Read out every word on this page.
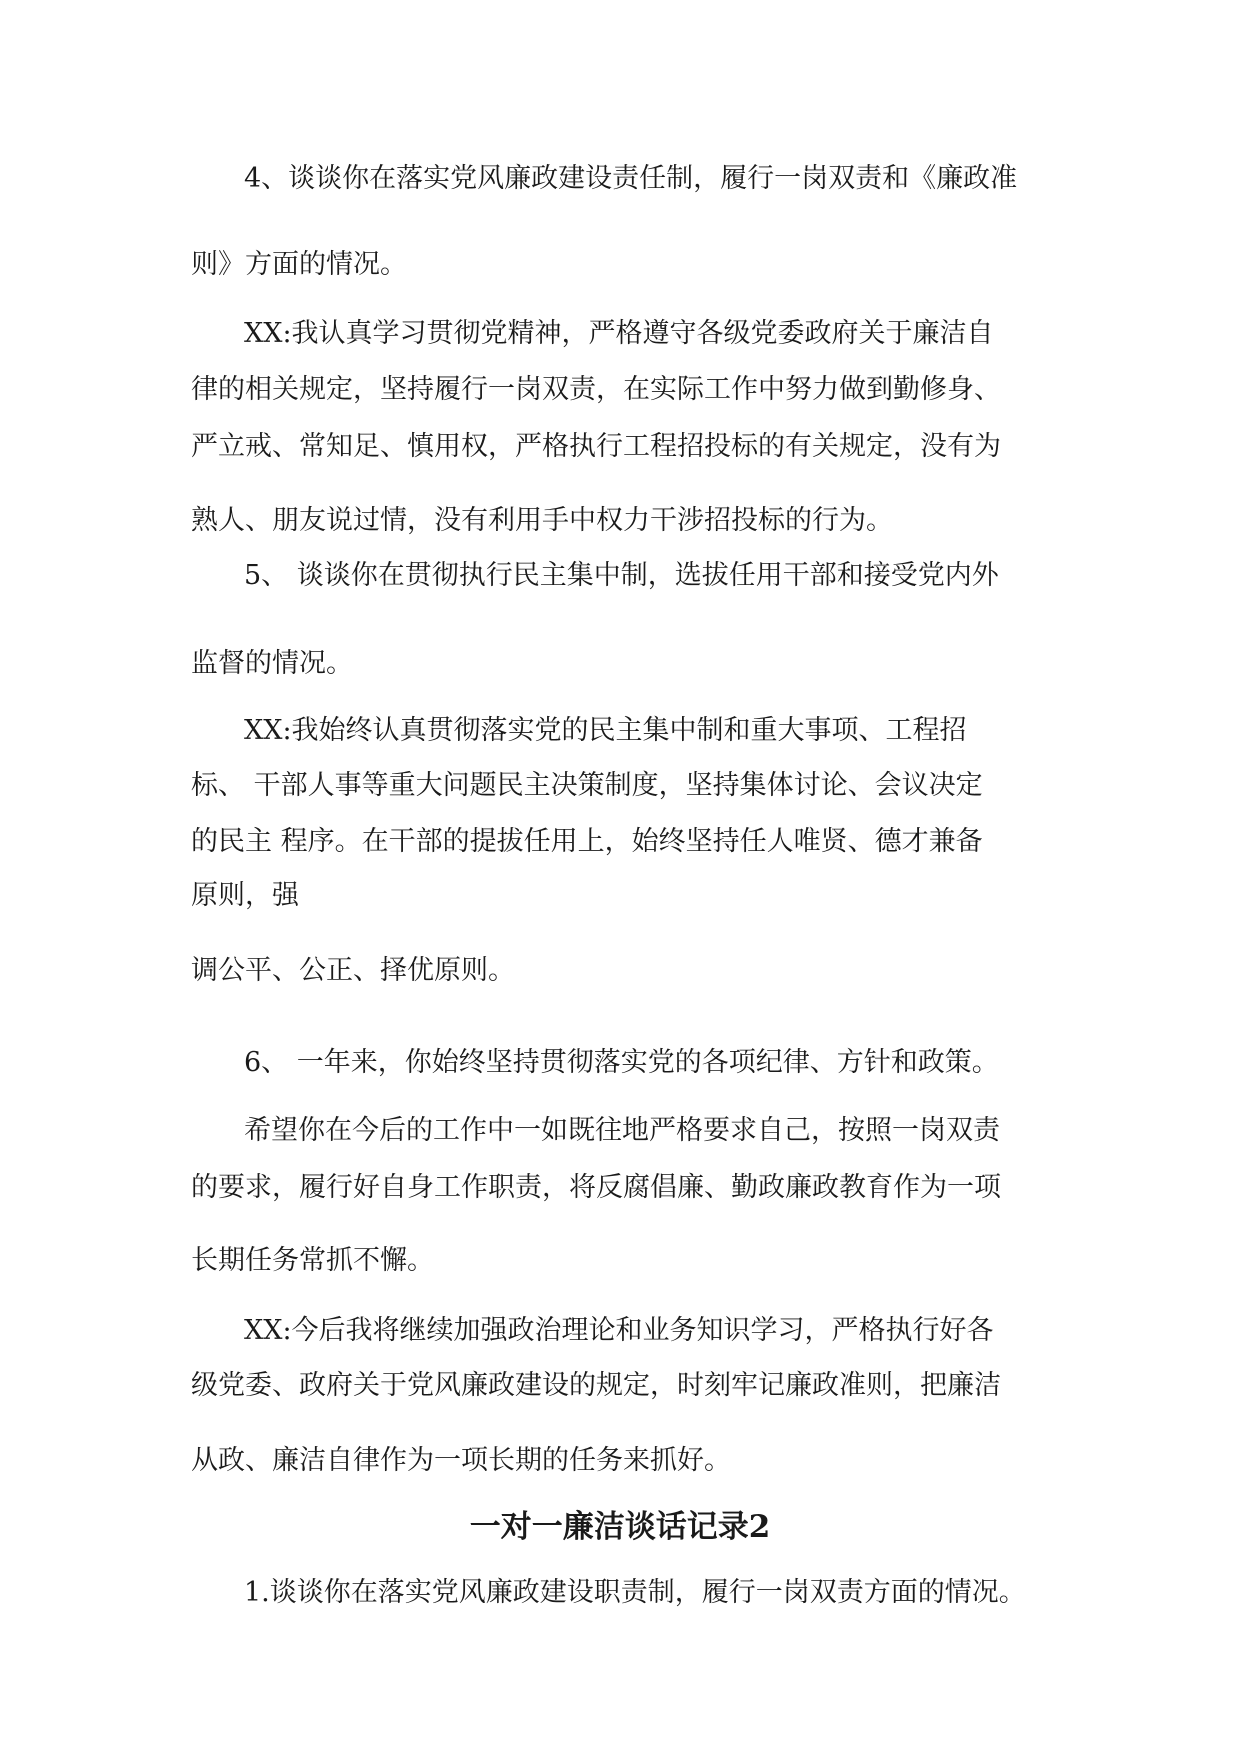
4、谈谈你在落实党风廉政建设责任制，履行一岗双责和《廉政准
则》方面的情况。
XX:我认真学习贯彻党精神，严格遵守各级党委政府关于廉洁自
律的相关规定，坚持履行一岗双责，在实际工作中努力做到勤修身、
严立戒、常知足、慎用权，严格执行工程招投标的有关规定，没有为
熟人、朋友说过情，没有利用手中权力干涉招投标的行为。
5、 谈谈你在贯彻执行民主集中制，选拔任用干部和接受党内外
监督的情况。
XX:我始终认真贯彻落实党的民主集中制和重大事项、工程招
标、 干部人事等重大问题民主决策制度，坚持集体讨论、会议决定
的民主 程序。在干部的提拔任用上，始终坚持任人唯贤、德才兼备
原则，强
调公平、公正、择优原则。
6、 一年来，你始终坚持贯彻落实党的各项纪律、方针和政策。
希望你在今后的工作中一如既往地严格要求自己，按照一岗双责
的要求，履行好自身工作职责，将反腐倡廉、勤政廉政教育作为一项
长期任务常抓不懈。
XX:今后我将继续加强政治理论和业务知识学习，严格执行好各
级党委、政府关于党风廉政建设的规定，时刻牢记廉政准则，把廉洁
从政、廉洁自律作为一项长期的任务来抓好。
一对一廉洁谈话记录2
1.谈谈你在落实党风廉政建设职责制，履行一岗双责方面的情况。
